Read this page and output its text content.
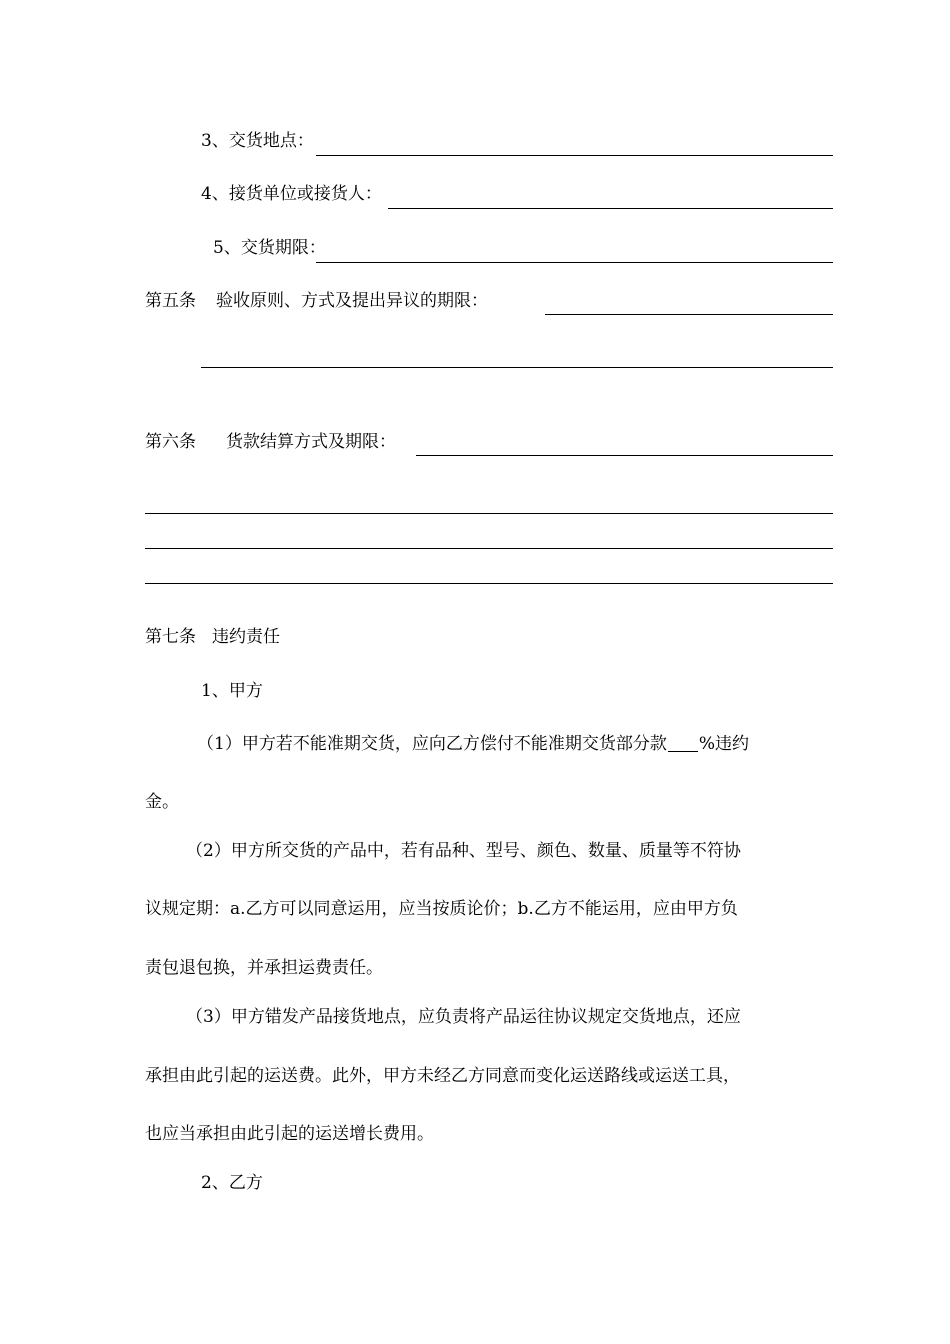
3、交货地点：
4、接货单位或接货人：
5、交货期限：
第五条 验收原则、方式及提出异议的期限：
第六条 货款结算方式及期限：
第七条 违约责任
1、甲方
（1）甲方若不能准期交货，应向乙方偿付不能准期交货部分款 %违约
金。
（2）甲方所交货的产品中，若有品种、型号、颜色、数量、质量等不符协
议规定期：a.乙方可以同意运用，应当按质论价；b.乙方不能运用，应由甲方负
责包退包换，并承担运费责任。
（3）甲方错发产品接货地点，应负责将产品运往协议规定交货地点，还应
承担由此引起的运送费。此外，甲方未经乙方同意而变化运送路线或运送工具，
也应当承担由此引起的运送增长费用。
2、乙方
